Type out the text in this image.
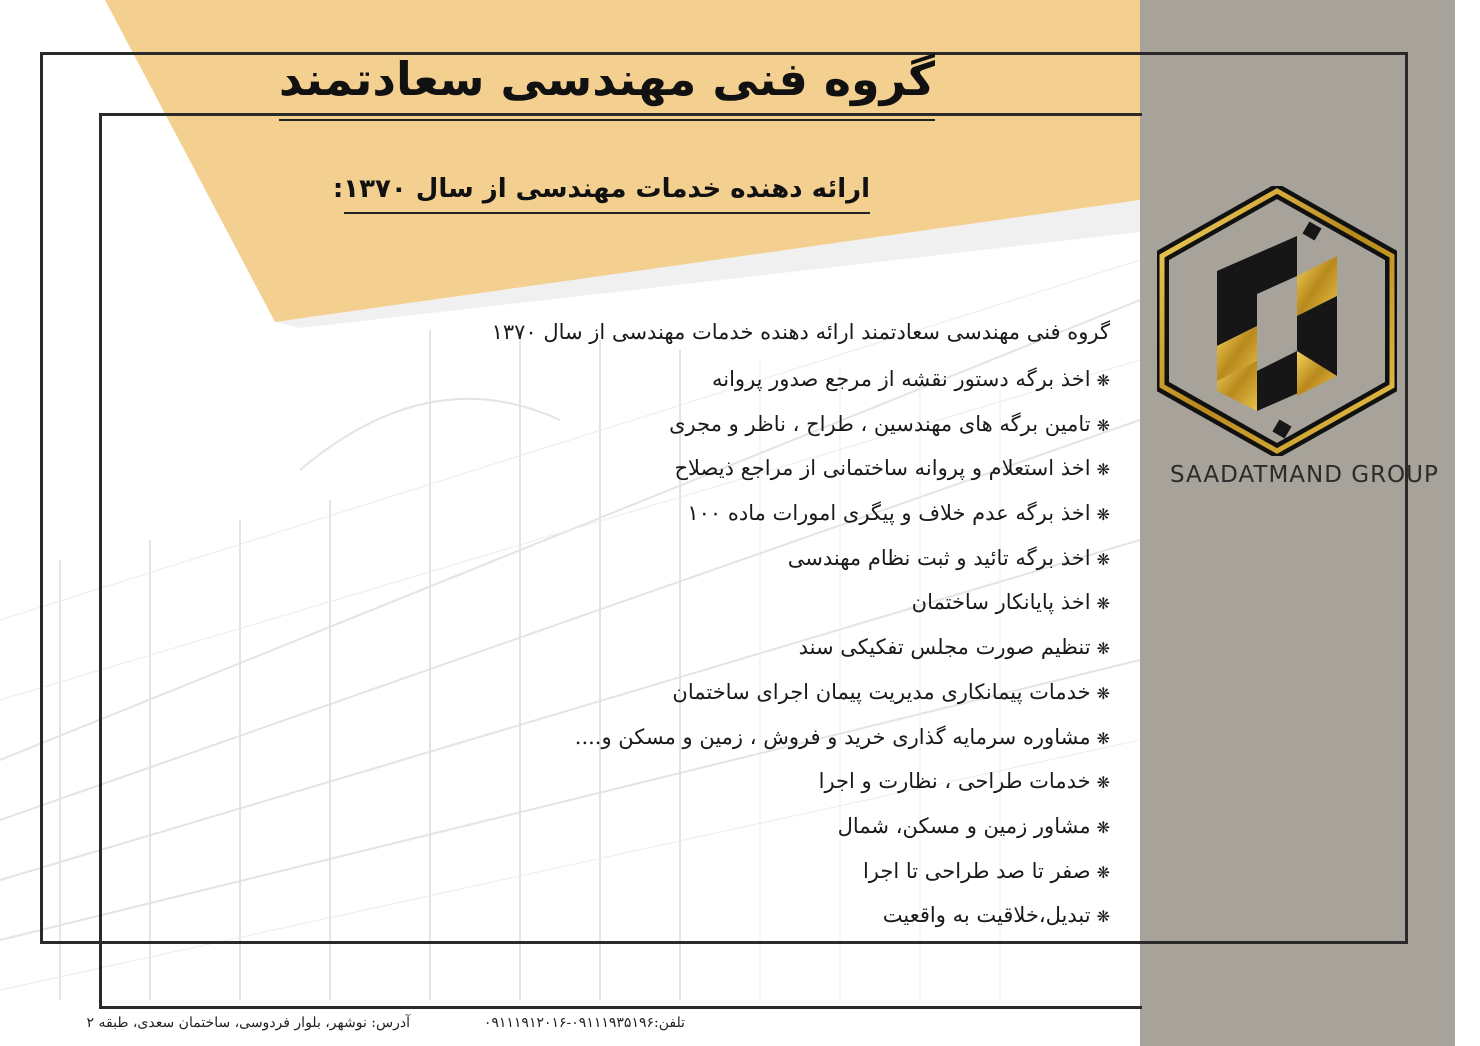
گروه فنی مهندسی سعادتمند
ارائه دهنده خدمات مهندسی از سال ۱۳۷۰:
گروه فنی مهندسی سعادتمند ارائه دهنده خدمات مهندسی از سال ۱۳۷۰
❋اخذ برگه دستور نقشه از مرجع صدور پروانه
❋تامین برگه های مهندسین ، طراح ، ناظر و مجری
❋اخذ استعلام و پروانه ساختمانی از مراجع ذیصلاح
❋اخذ برگه عدم خلاف و پیگری امورات ماده ۱۰۰
❋اخذ برگه تائید و ثبت نظام مهندسی
❋اخذ پایانکار ساختمان
❋تنظیم صورت مجلس تفکیکی سند
❋خدمات پیمانکاری مدیریت پیمان اجرای ساختمان
❋مشاوره سرمایه گذاری خرید و فروش ، زمین و مسکن و....
❋خدمات طراحی ، نظارت و اجرا
❋مشاور زمین و مسکن، شمال
❋صفر تا صد طراحی تا اجرا
❋تبدیل،خلاقیت به واقعیت
SAADATMAND GROUP
آدرس: نوشهر، بلوار فردوسی، ساختمان سعدی، طبقه ۲	تلفن:۰۹۱۱۱۹۳۵۱۹۶-۰۹۱۱۱۹۱۲۰۱۶
